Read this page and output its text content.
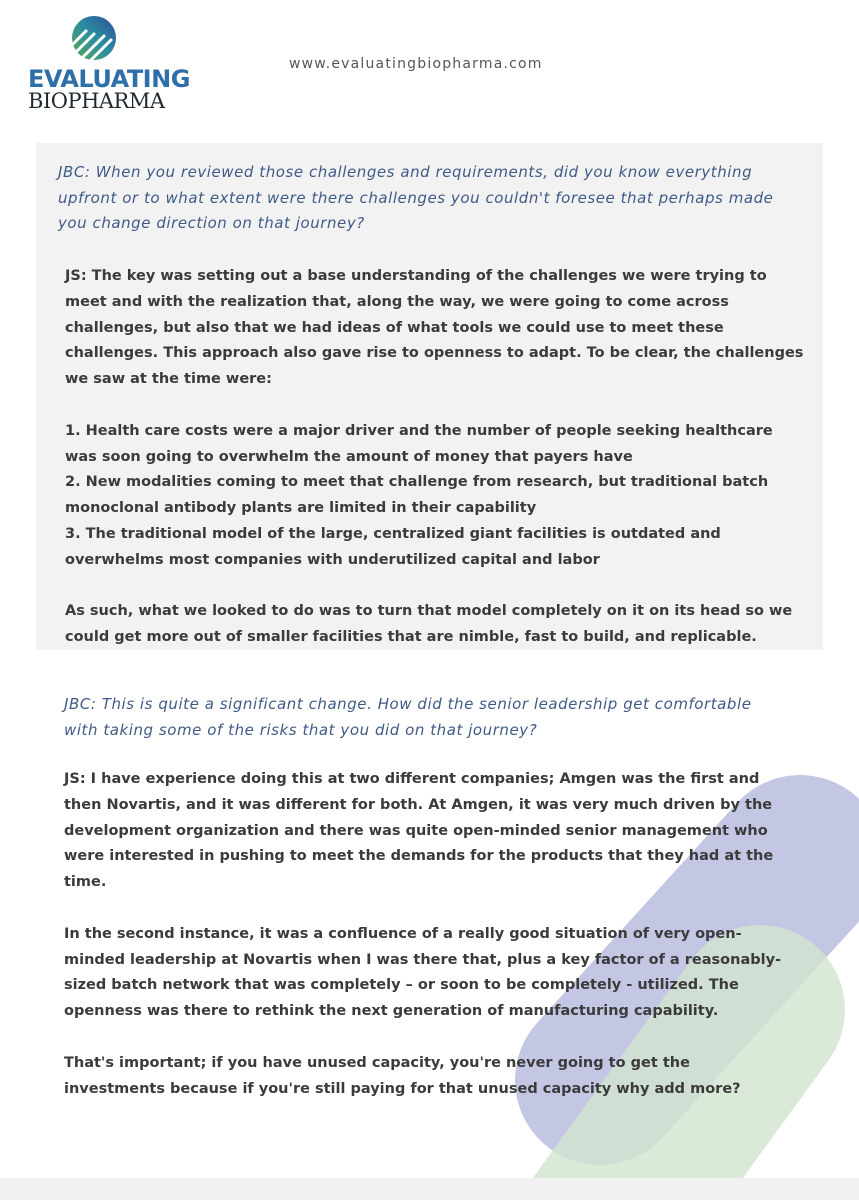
EVALUATING
BIOPHARMA
www.evaluatingbiopharma.com

JBC: When you reviewed those challenges and requirements, did you know everything upfront or to what extent were there challenges you couldn't foresee that perhaps made you change direction on that journey?

JS: The key was setting out a base understanding of the challenges we were trying to meet and with the realization that, along the way, we were going to come across challenges, but also that we had ideas of what tools we could use to meet these challenges. This approach also gave rise to openness to adapt. To be clear, the challenges we saw at the time were:
1. Health care costs were a major driver and the number of people seeking healthcare was soon going to overwhelm the amount of money that payers have
2. New modalities coming to meet that challenge from research, but traditional batch monoclonal antibody plants are limited in their capability
3. The traditional model of the large, centralized giant facilities is outdated and overwhelms most companies with underutilized capital and labor
As such, what we looked to do was to turn that model completely on it on its head so we could get more out of smaller facilities that are nimble, fast to build, and replicable.

JBC: This is quite a significant change. How did the senior leadership get comfortable with taking some of the risks that you did on that journey?

JS: I have experience doing this at two different companies; Amgen was the first and then Novartis, and it was different for both. At Amgen, it was very much driven by the development organization and there was quite open-minded senior management who were interested in pushing to meet the demands for the products that they had at the time.
In the second instance, it was a confluence of a really good situation of very open-minded leadership at Novartis when I was there that, plus a key factor of a reasonably-sized batch network that was completely – or soon to be completely - utilized. The openness was there to rethink the next generation of manufacturing capability.
That's important; if you have unused capacity, you're never going to get the investments because if you're still paying for that unused capacity why add more?
